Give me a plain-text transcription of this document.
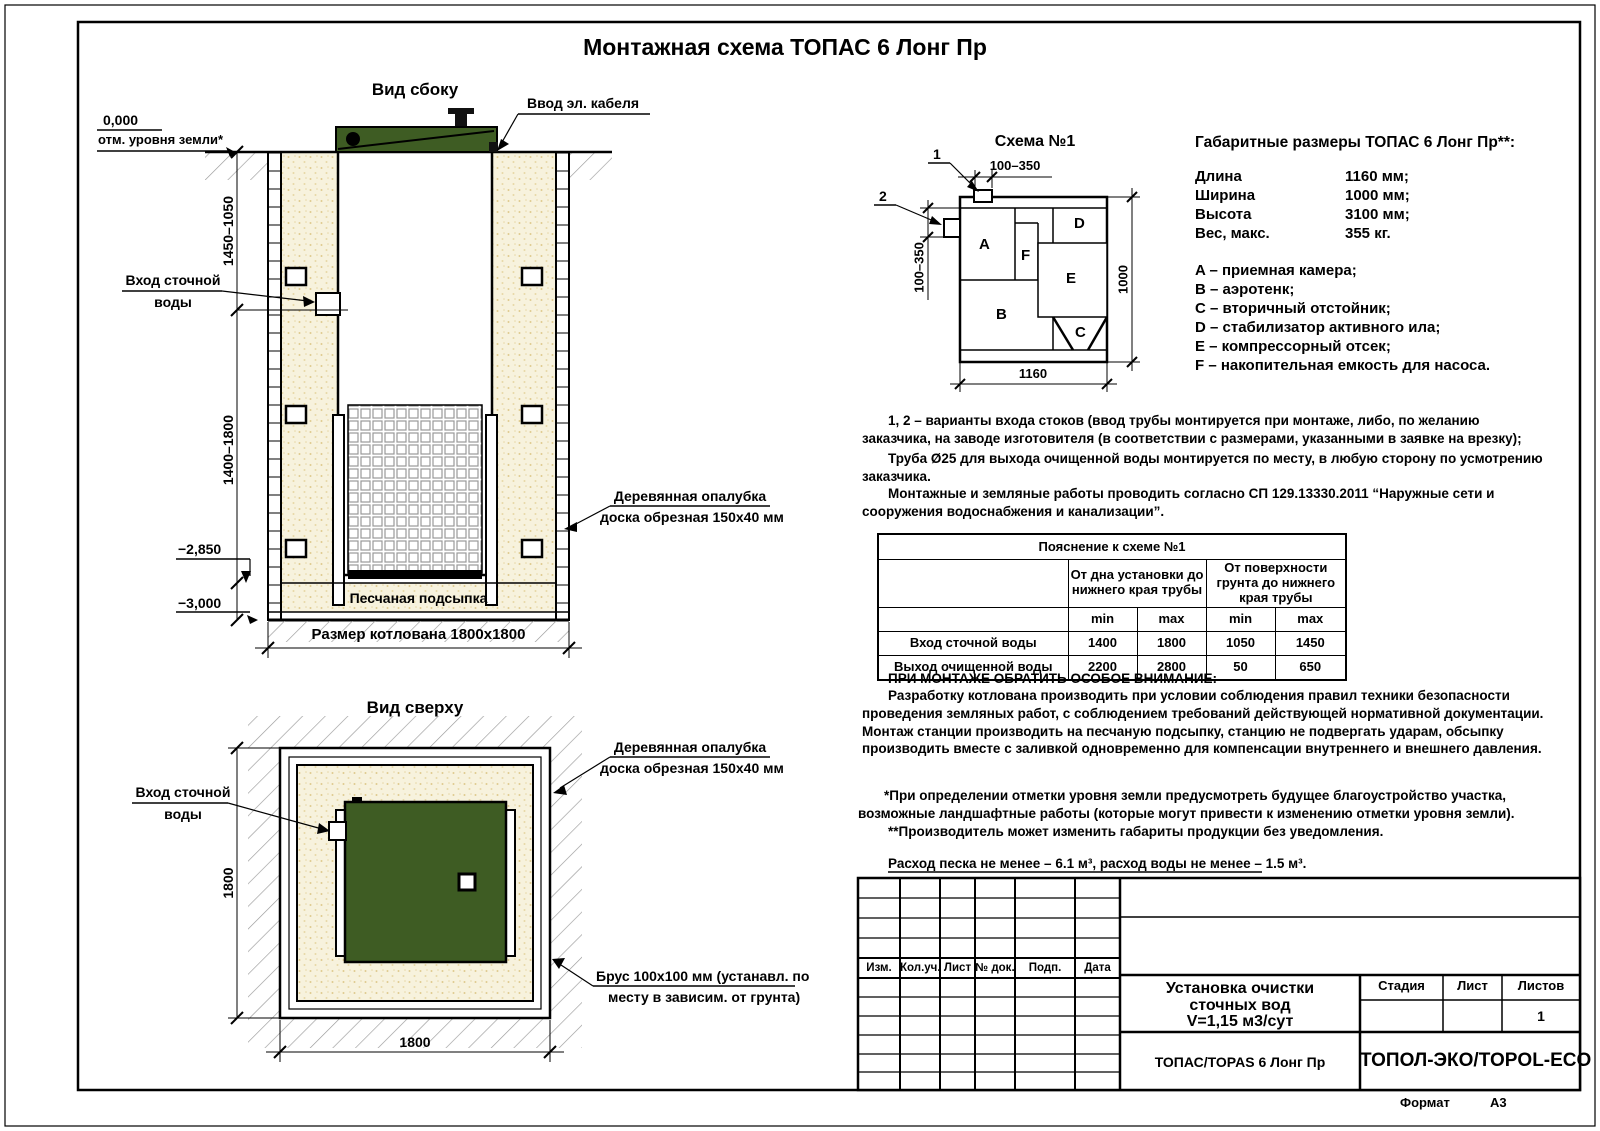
Монтажная схема ТОПАС 6 Лонг Пр
Вид сбоку
Ввод эл. кабеля
0,000
отм. уровня земли*
1450–1050
1400–1800
Вход сточной
воды
−2,850
−3,000	Песчаная подсыпка
Размер котлована 1800х1800
Деревянная опалубка
доска обрезная 150х40 мм
Вид сверху
Вход сточной
воды
Деревянная опалубка
доска обрезная 150х40 мм
Брус 100х100 мм (устанавл. по
месту в зависим. от грунта)
1800
1800
Схема №1
1
2
100–350
100–350	1000
1160
A
F
B
D
E
C
Габаритные размеры ТОПАС 6 Лонг Пр**:
Длина	1160 мм;
Ширина	1000 мм;
Высота	3100 мм;
Вес, макс.	355 кг.
A – приемная камера;
B – аэротенк;
C – вторичный отстойник;
D – стабилизатор активного ила;
E – компрессорный отсек;
F – накопительная емкость для насоса.
1, 2 – варианты входа стоков (ввод трубы монтируется при монтаже, либо, по желанию заказчика, на заводе изготовителя (в соответствии с размерами, указанными в заявке на врезку);
Труба Ø25 для выхода очищенной воды монтируется по месту, в любую сторону по усмотрению заказчика.
Монтажные и земляные работы проводить согласно СП 129.13330.2011 “Наружные сети и сооружения водоснабжения и канализации”.
ПРИ МОНТАЖЕ ОБРАТИТЬ ОСОБОЕ ВНИМАНИЕ:
Разработку котлована производить при условии соблюдения правил техники безопасности проведения земляных работ, с соблюдением требований действующей нормативной документации. Монтаж станции производить на песчаную подсыпку, станцию не подвергать ударам, обсыпку производить вместе с заливкой одновременно для компенсации внутреннего и внешнего давления.
*При определении отметки уровня земли предусмотреть будущее благоустройство участка, возможные ландшафтные работы (которые могут привести к изменению отметки уровня земли).
**Производитель может изменить габариты продукции без уведомления.
Расход песка не менее – 6.1 м³, расход воды не менее – 1.5 м³.
Пояснение к схеме №1				
	От дна установки до нижнего края трубы		От поверхности грунта до нижнего края трубы	
	min	max	min	max
Вход сточной воды	1400	1800	1050	1450
Выход очищенной воды	2200	2800	50	650
Изм. Кол.уч. Лист № док.	Подп.	Дата
Установка очистки
сточных вод
V=1,15 м3/сут
Стадия	Лист	Листов
1
ТОПАС/TOPAS 6 Лонг Пр	ТОПОЛ-ЭКО/TOPOL-ECO
Формат	А3
